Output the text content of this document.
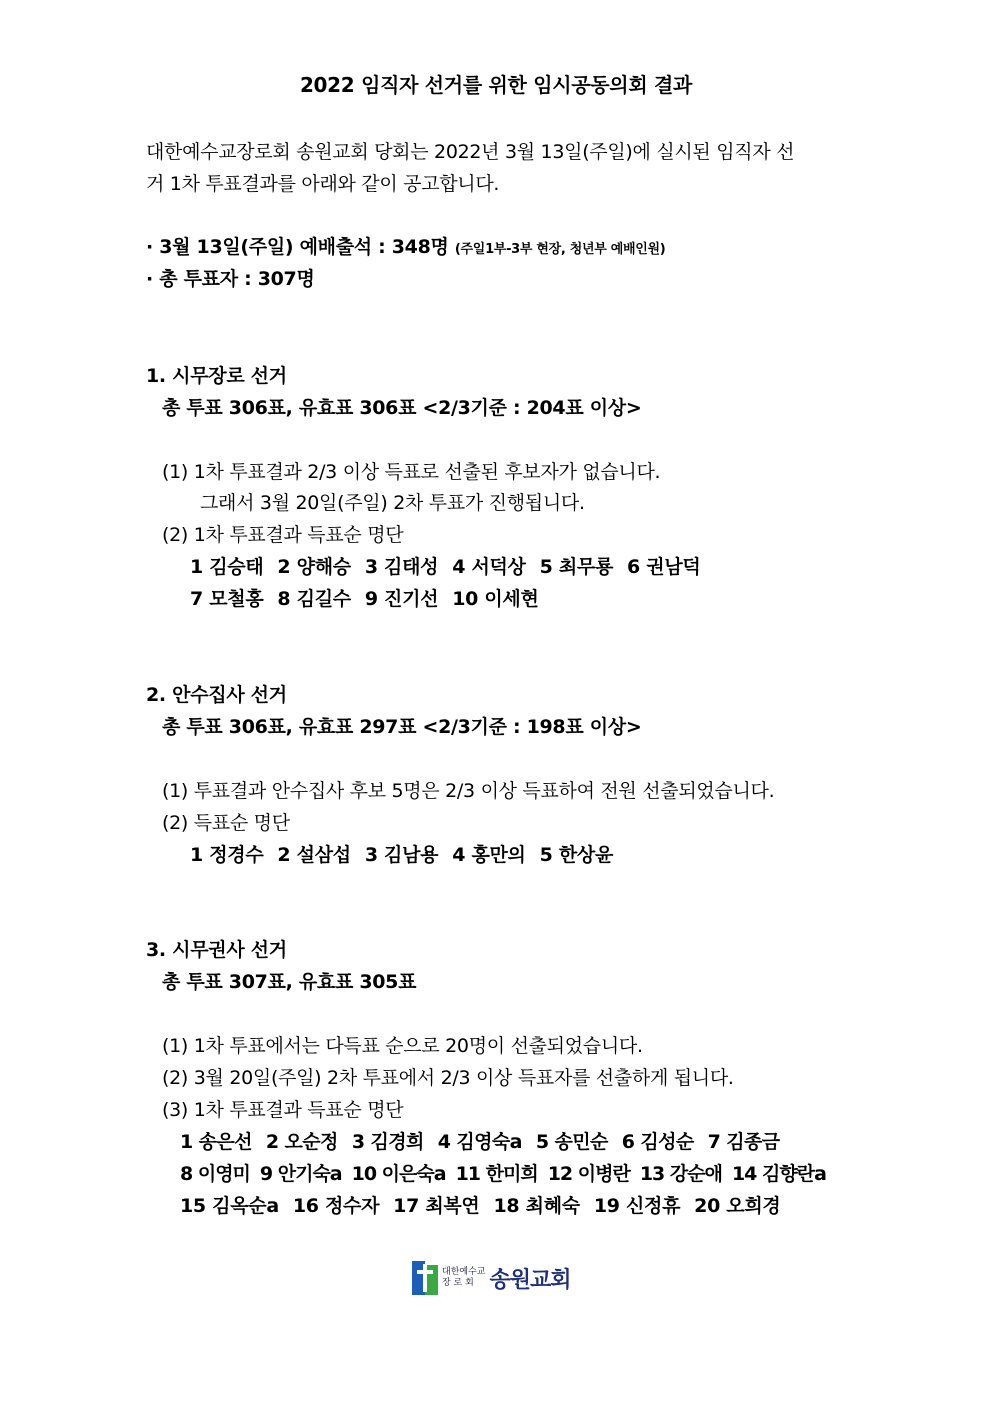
2022 임직자 선거를 위한 임시공동의회 결과
대한예수교장로회 송원교회 당회는 2022년 3월 13일(주일)에 실시된 임직자 선
거 1차 투표결과를 아래와 같이 공고합니다.
· 3월 13일(주일) 예배출석 : 348명 (주일1부-3부 현장, 청년부 예배인원)
· 총 투표자 : 307명
1. 시무장로 선거
총 투표 306표, 유효표 306표 <2/3기준 : 204표 이상>
(1) 1차 투표결과 2/3 이상 득표로 선출된 후보자가 없습니다.
그래서 3월 20일(주일) 2차 투표가 진행됩니다.
(2) 1차 투표결과 득표순 명단
1 김승태 2 양해승 3 김태성 4 서덕상 5 최무룡 6 권남덕
7 모철홍 8 김길수 9 진기선 10 이세현
2. 안수집사 선거
총 투표 306표, 유효표 297표 <2/3기준 : 198표 이상>
(1) 투표결과 안수집사 후보 5명은 2/3 이상 득표하여 전원 선출되었습니다.
(2) 득표순 명단
1 정경수 2 설삼섭 3 김남용 4 홍만의 5 한상윤
3. 시무권사 선거
총 투표 307표, 유효표 305표
(1) 1차 투표에서는 다득표 순으로 20명이 선출되었습니다.
(2) 3월 20일(주일) 2차 투표에서 2/3 이상 득표자를 선출하게 됩니다.
(3) 1차 투표결과 득표순 명단
1 송은선 2 오순정 3 김경희 4 김영숙a 5 송민순 6 김성순 7 김종금
8 이영미 9 안기숙a 10 이은숙a 11 한미희 12 이병란 13 강순애 14 김향란a
15 김옥순a 16 정수자 17 최복연 18 최혜숙 19 신정휴 20 오희경
대한예수교
장 로 회 송원교회
